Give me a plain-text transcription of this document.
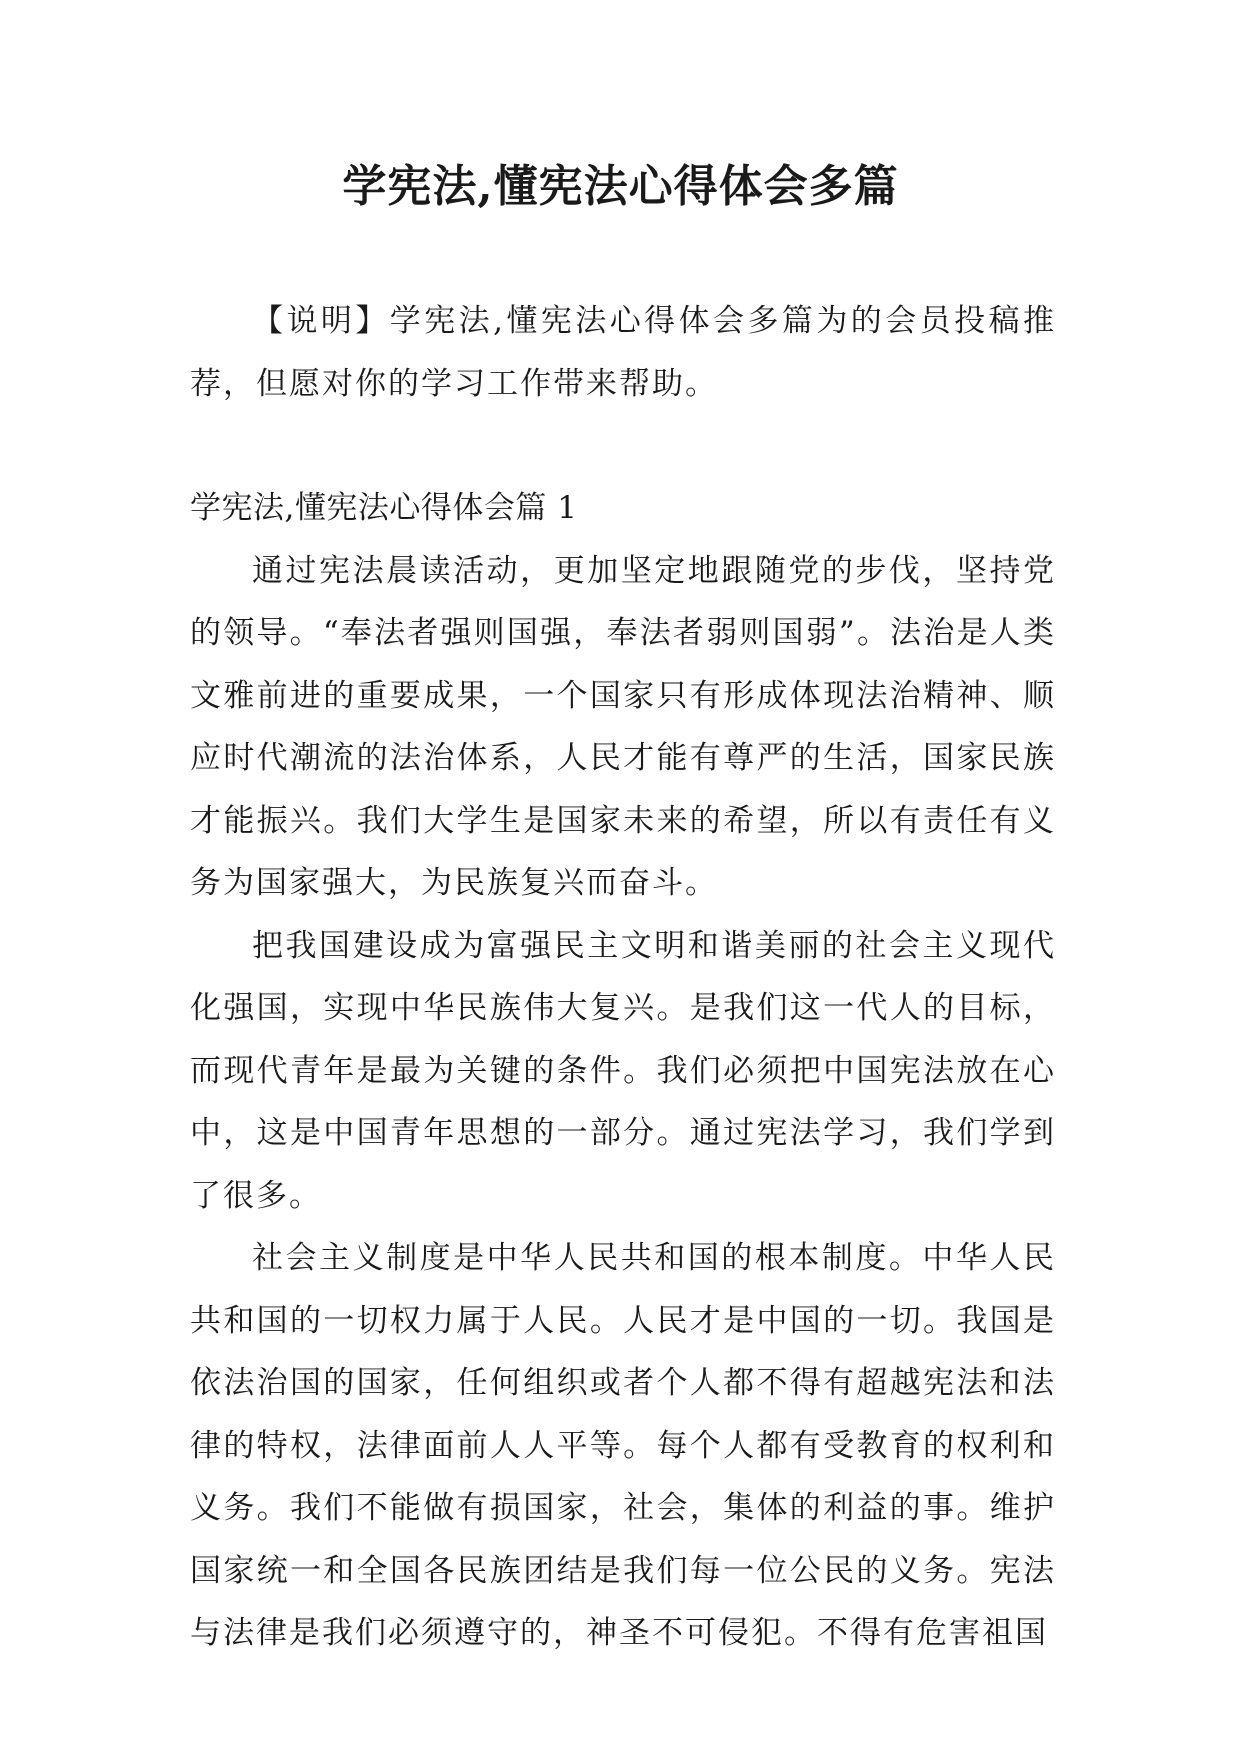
学宪法,懂宪法心得体会多篇

【说明】学宪法,懂宪法心得体会多篇为的会员投稿推荐，但愿对你的学习工作带来帮助。

学宪法,懂宪法心得体会篇 1

通过宪法晨读活动，更加坚定地跟随党的步伐，坚持党的领导。“奉法者强则国强，奉法者弱则国弱”。法治是人类文雅前进的重要成果，一个国家只有形成体现法治精神、顺应时代潮流的法治体系，人民才能有尊严的生活，国家民族才能振兴。我们大学生是国家未来的希望，所以有责任有义务为国家强大，为民族复兴而奋斗。

把我国建设成为富强民主文明和谐美丽的社会主义现代化强国，实现中华民族伟大复兴。是我们这一代人的目标，而现代青年是最为关键的条件。我们必须把中国宪法放在心中，这是中国青年思想的一部分。通过宪法学习，我们学到了很多。

社会主义制度是中华人民共和国的根本制度。中华人民共和国的一切权力属于人民。人民才是中国的一切。我国是依法治国的国家，任何组织或者个人都不得有超越宪法和法律的特权，法律面前人人平等。每个人都有受教育的权利和义务。我们不能做有损国家，社会，集体的利益的事。维护国家统一和全国各民族团结是我们每一位公民的义务。宪法与法律是我们必须遵守的，神圣不可侵犯。不得有危害祖国
